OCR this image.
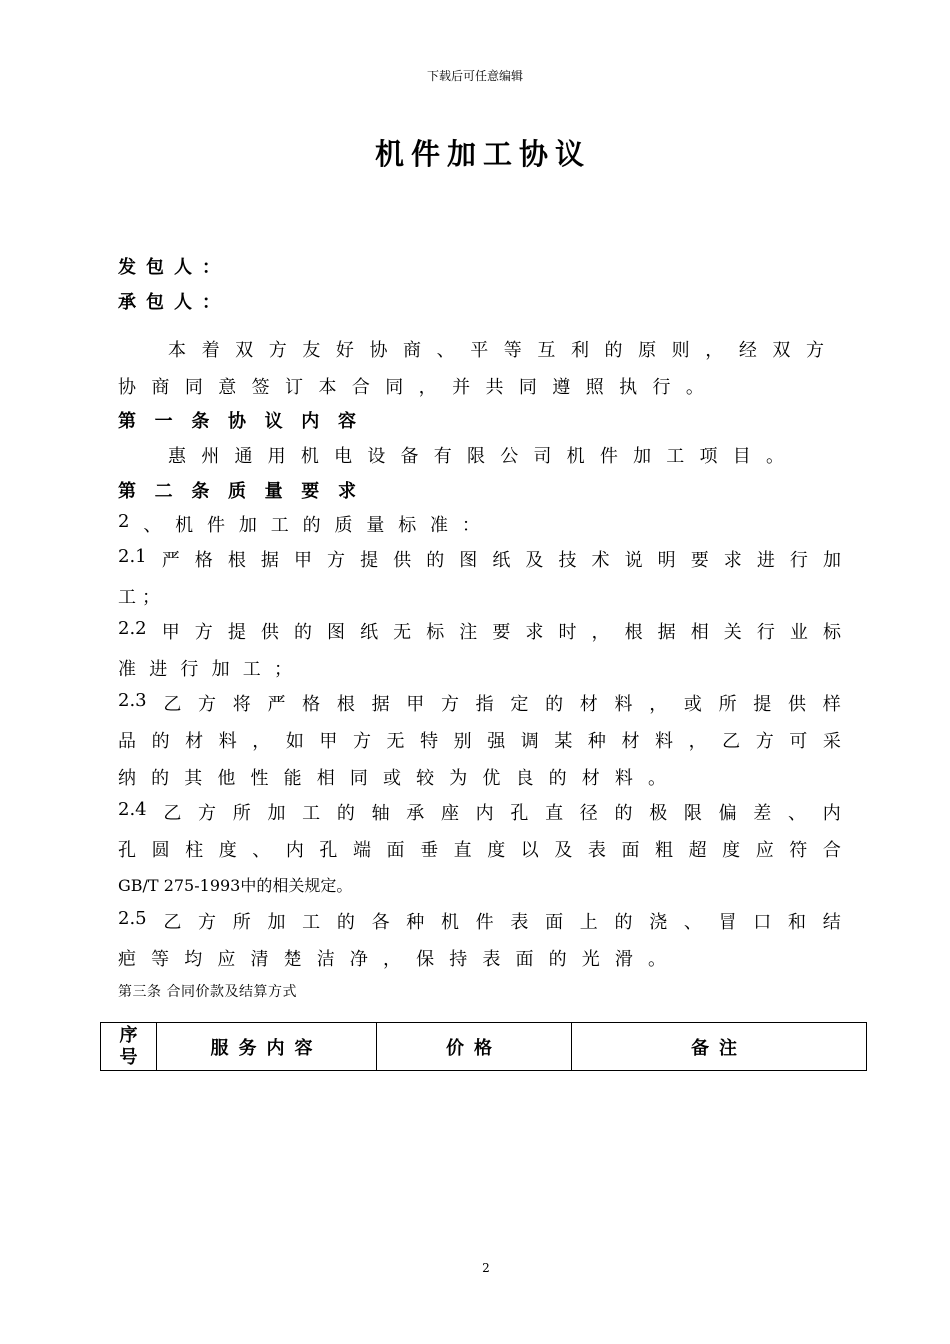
下载后可任意编辑
机件加工协议
发包人：
承包人：
本 着 双 方 友 好 协 商 、 平 等 互 利 的 原 则 ， 经 双 方
协 商 同 意 签 订 本 合 同 ， 并 共 同 遵 照 执 行 。
第 一 条 协 议 内 容
惠 州 通 用 机 电 设 备 有 限 公 司 机 件 加 工 项 目 。
第 二 条 质 量 要 求
2 、 机 件 加 工 的 质 量 标 准 ：
2.1 严 格 根 据 甲 方 提 供 的 图 纸 及 技 术 说 明 要 求 进 行 加
工 ；
2.2 甲 方 提 供 的 图 纸 无 标 注 要 求 时 ， 根 据 相 关 行 业 标
准 进 行 加 工 ；
2.3 乙 方 将 严 格 根 据 甲 方 指 定 的 材 料 ， 或 所 提 供 样
品 的 材 料 ， 如 甲 方 无 特 别 强 调 某 种 材 料 ， 乙 方 可 采
纳 的 其 他 性 能 相 同 或 较 为 优 良 的 材 料 。
2.4 乙 方 所 加 工 的 轴 承 座 内 孔 直 径 的 极 限 偏 差 、 内
孔 圆 柱 度 、 内 孔 端 面 垂 直 度 以 及 表 面 粗 超 度 应 符 合
GB/T 275-1993中的相关规定。
2.5 乙 方 所 加 工 的 各 种 机 件 表 面 上 的 浇 、 冒 口 和 结
疤 等 均 应 清 楚 洁 净 ， 保 持 表 面 的 光 滑 。
第三条 合同价款及结算方式
序号	服务内容	价格	备注
2
